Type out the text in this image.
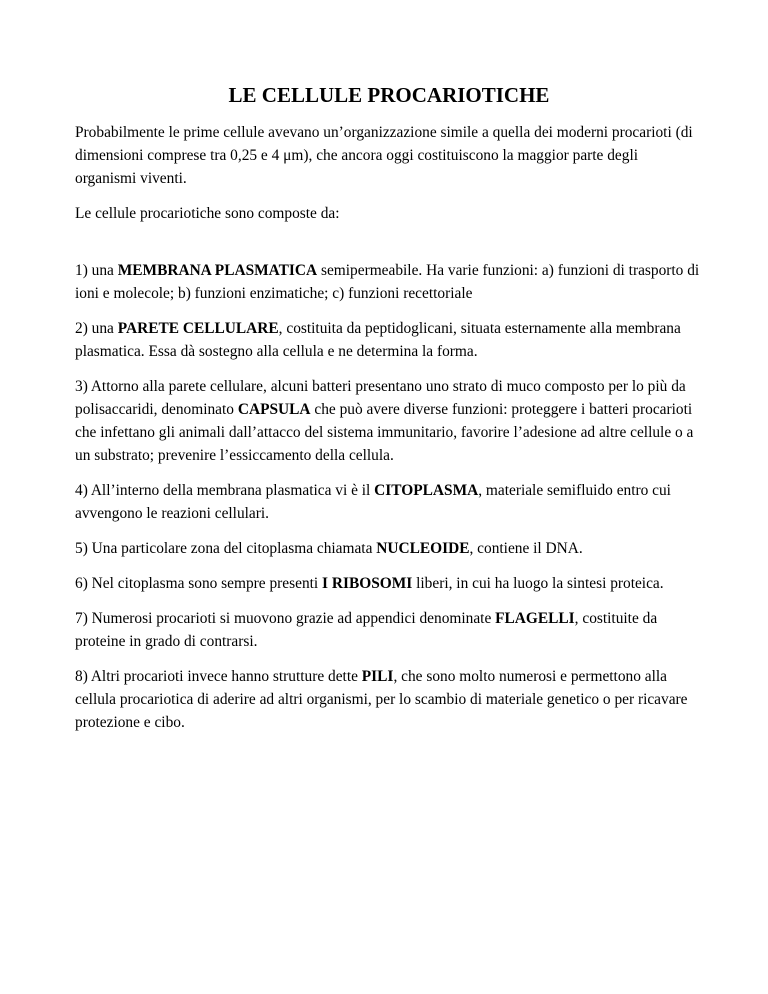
LE CELLULE PROCARIOTICHE

Probabilmente le prime cellule avevano un’organizzazione simile a quella dei moderni procarioti (di dimensioni comprese tra 0,25 e 4 μm), che ancora oggi costituiscono la maggior parte degli organismi viventi.

Le cellule procariotiche sono composte da:

1) una MEMBRANA PLASMATICA semipermeabile. Ha varie funzioni: a) funzioni di trasporto di ioni e molecole; b) funzioni enzimatiche; c) funzioni recettoriale

2) una PARETE CELLULARE, costituita da peptidoglicani, situata esternamente alla membrana plasmatica. Essa dà sostegno alla cellula e ne determina la forma.

3) Attorno alla parete cellulare, alcuni batteri presentano uno strato di muco composto per lo più da polisaccaridi, denominato CAPSULA che può avere diverse funzioni: proteggere i batteri procarioti che infettano gli animali dall’attacco del sistema immunitario, favorire l’adesione ad altre cellule o a un substrato; prevenire l’essiccamento della cellula.

4) All’interno della membrana plasmatica vi è il CITOPLASMA, materiale semifluido entro cui avvengono le reazioni cellulari.

5) Una particolare zona del citoplasma chiamata NUCLEOIDE, contiene il DNA.

6) Nel citoplasma sono sempre presenti I RIBOSOMI liberi, in cui ha luogo la sintesi proteica.

7) Numerosi procarioti si muovono grazie ad appendici denominate FLAGELLI, costituite da proteine in grado di contrarsi.

8) Altri procarioti invece hanno strutture dette PILI, che sono molto numerosi e permettono alla cellula procariotica di aderire ad altri organismi, per lo scambio di materiale genetico o per ricavare protezione e cibo.
